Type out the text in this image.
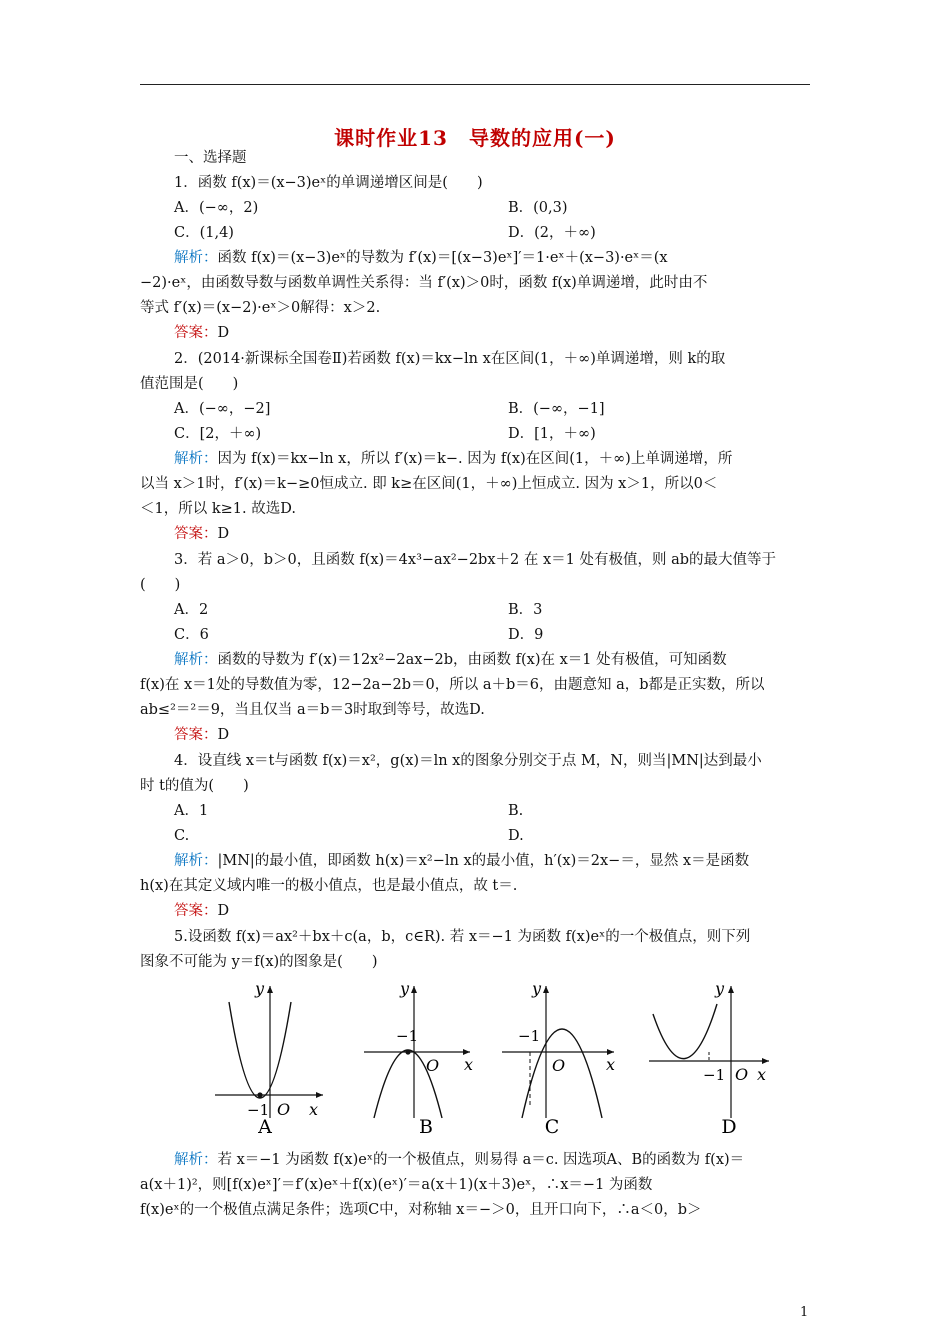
课时作业13　导数的应用(一)
一、选择题
1．函数 f(x)＝(x−3)eˣ的单调递增区间是(　　)
A．(−∞，2)	B．(0,3)
C．(1,4)	D．(2，＋∞)
解析：函数 f(x)＝(x−3)eˣ的导数为 f′(x)＝[(x−3)eˣ]′＝1·eˣ＋(x−3)·eˣ＝(x
−2)·eˣ，由函数导数与函数单调性关系得：当 f′(x)＞0时，函数 f(x)单调递增，此时由不
等式 f′(x)＝(x−2)·eˣ＞0解得：x＞2.
答案：D
2．(2014·新课标全国卷Ⅱ)若函数 f(x)＝kx−ln x在区间(1，＋∞)单调递增，则 k的取
值范围是(　　)
A．(−∞，−2]	B．(−∞，−1]
C．[2，＋∞)	D．[1，＋∞)
解析：因为 f(x)＝kx−ln x，所以 f′(x)＝k−. 因为 f(x)在区间(1，＋∞)上单调递增，所
以当 x＞1时，f′(x)＝k−≥0恒成立. 即 k≥在区间(1，＋∞)上恒成立. 因为 x＞1，所以0＜
＜1，所以 k≥1. 故选D.
答案：D
3．若 a＞0，b＞0，且函数 f(x)＝4x³−ax²−2bx＋2 在 x＝1 处有极值，则 ab的最大值等于
(　　)
A．2	B．3
C．6	D．9
解析：函数的导数为 f′(x)＝12x²−2ax−2b，由函数 f(x)在 x＝1 处有极值，可知函数
f(x)在 x＝1处的导数值为零，12−2a−2b＝0，所以 a＋b＝6，由题意知 a，b都是正实数，所以
ab≤²＝²＝9，当且仅当 a＝b＝3时取到等号，故选D.
答案：D
4．设直线 x＝t与函数 f(x)＝x²，g(x)＝ln x的图象分别交于点 M，N，则当|MN|达到最小
时 t的值为(　　)
A．1	B.
C.	D.
解析：|MN|的最小值，即函数 h(x)＝x²−ln x的最小值，h′(x)＝2x−＝，显然 x＝是函数
h(x)在其定义域内唯一的极小值点，也是最小值点，故 t＝.
答案：D
5.设函数 f(x)＝ax²＋bx＋c(a，b，c∈R). 若 x＝−1 为函数 f(x)eˣ的一个极值点，则下列
图象不可能为 y＝f(x)的图象是(　　)
y
x
O
−1
A
y
x
O
−1
B
y
x
O
−1
C
y
x
O
−1
D
解析：若 x＝−1 为函数 f(x)eˣ的一个极值点，则易得 a＝c. 因选项A、B的函数为 f(x)＝
a(x＋1)²，则[f(x)eˣ]′＝f′(x)eˣ＋f(x)(eˣ)′＝a(x＋1)(x＋3)eˣ，∴x＝−1 为函数
f(x)eˣ的一个极值点满足条件；选项C中，对称轴 x＝−＞0，且开口向下，∴a＜0，b＞
1
